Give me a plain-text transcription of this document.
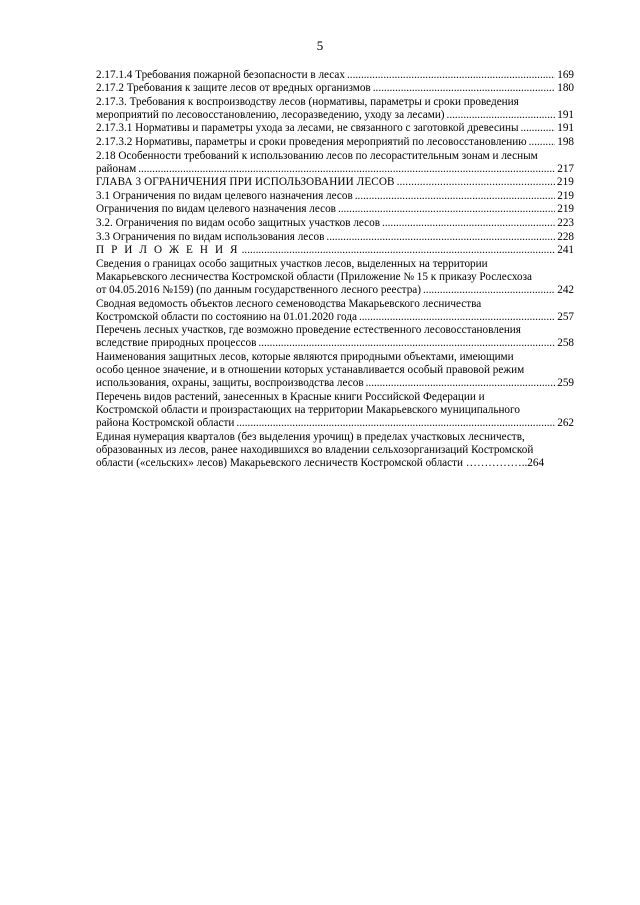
5
2.17.1.4 Требования пожарной безопасности в лесах .....	169
2.17.2 Требования к защите лесов от вредных организмов .....	180
2.17.3. Требования к воспроизводству лесов (нормативы, параметры и сроки проведения
мероприятий по лесовосстановлению, лесоразведению, уходу за лесами) .....	191
2.17.3.1 Нормативы и параметры ухода за лесами, не связанного с заготовкой древесины .....	191
2.17.3.2 Нормативы, параметры и сроки проведения мероприятий по лесовосстановлению .....	198
2.18 Особенности требований к использованию лесов по лесорастительным зонам и лесным
районам .....	217
ГЛАВА 3 ОГРАНИЧЕНИЯ ПРИ ИСПОЛЬЗОВАНИИ ЛЕСОВ .....	219
3.1 Ограничения по видам целевого назначения лесов .....	219
Ограничения по видам целевого назначения лесов .....	219
3.2. Ограничения по видам особо защитных участков лесов .....	223
3.3 Ограничения по видам использования лесов .....	228
П Р И Л О Ж Е Н И Я .....	241
Сведения о границах особо защитных участков лесов, выделенных на территории
Макарьевского лесничества Костромской области (Приложение № 15 к приказу Рослесхоза
от 04.05.2016 №159) (по данным государственного лесного реестра) .....	242
Сводная ведомость объектов лесного семеноводства Макарьевского лесничества
Костромской области по состоянию на 01.01.2020 года .....	257
Перечень лесных участков, где возможно проведение естественного лесовосстановления
вследствие природных процессов .....	258
Наименования защитных лесов, которые являются природными объектами, имеющими
особо ценное значение, и в отношении которых устанавливается особый правовой режим
использования, охраны, защиты, воспроизводства лесов .....	259
Перечень видов растений, занесенных в Красные книги Российской Федерации и
Костромской области и произрастающих на территории Макарьевского муниципального
района Костромской области .....	262
Единая нумерация кварталов (без выделения урочищ) в пределах участковых лесничеств,
образованных из лесов, ранее находившихся во владении сельхозорганизаций Костромской
области («сельских» лесов) Макарьевского лесничеств Костромской области ……………..264
